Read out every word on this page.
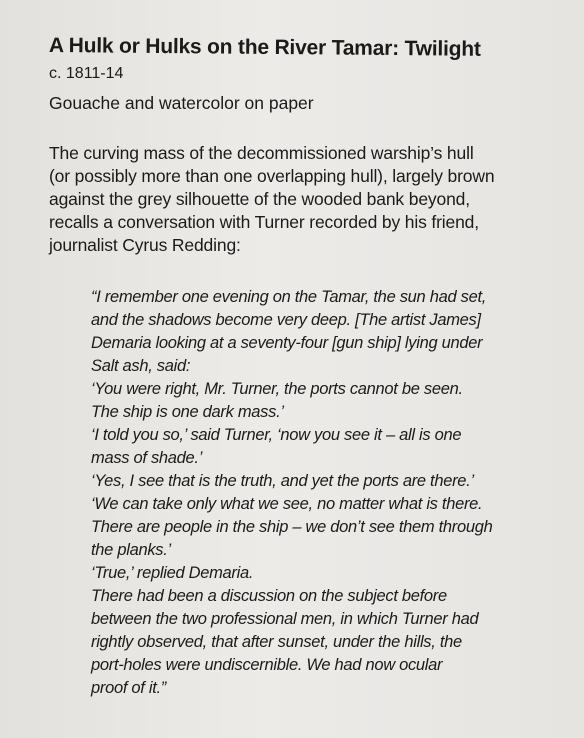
A Hulk or Hulks on the River Tamar: Twilight
c. 1811-14
Gouache and watercolor on paper
The curving mass of the decommissioned warship’s hull
(or possibly more than one overlapping hull), largely brown
against the grey silhouette of the wooded bank beyond,
recalls a conversation with Turner recorded by his friend,
journalist Cyrus Redding:
“I remember one evening on the Tamar, the sun had set,
and the shadows become very deep. [The artist James]
Demaria looking at a seventy-four [gun ship] lying under
Salt ash, said:
‘You were right, Mr. Turner, the ports cannot be seen.
The ship is one dark mass.’
‘I told you so,’ said Turner, ‘now you see it – all is one
mass of shade.’
‘Yes, I see that is the truth, and yet the ports are there.’
‘We can take only what we see, no matter what is there.
There are people in the ship – we don’t see them through
the planks.’
‘True,’ replied Demaria.
There had been a discussion on the subject before
between the two professional men, in which Turner had
rightly observed, that after sunset, under the hills, the
port-holes were undiscernible. We had now ocular
proof of it.”
